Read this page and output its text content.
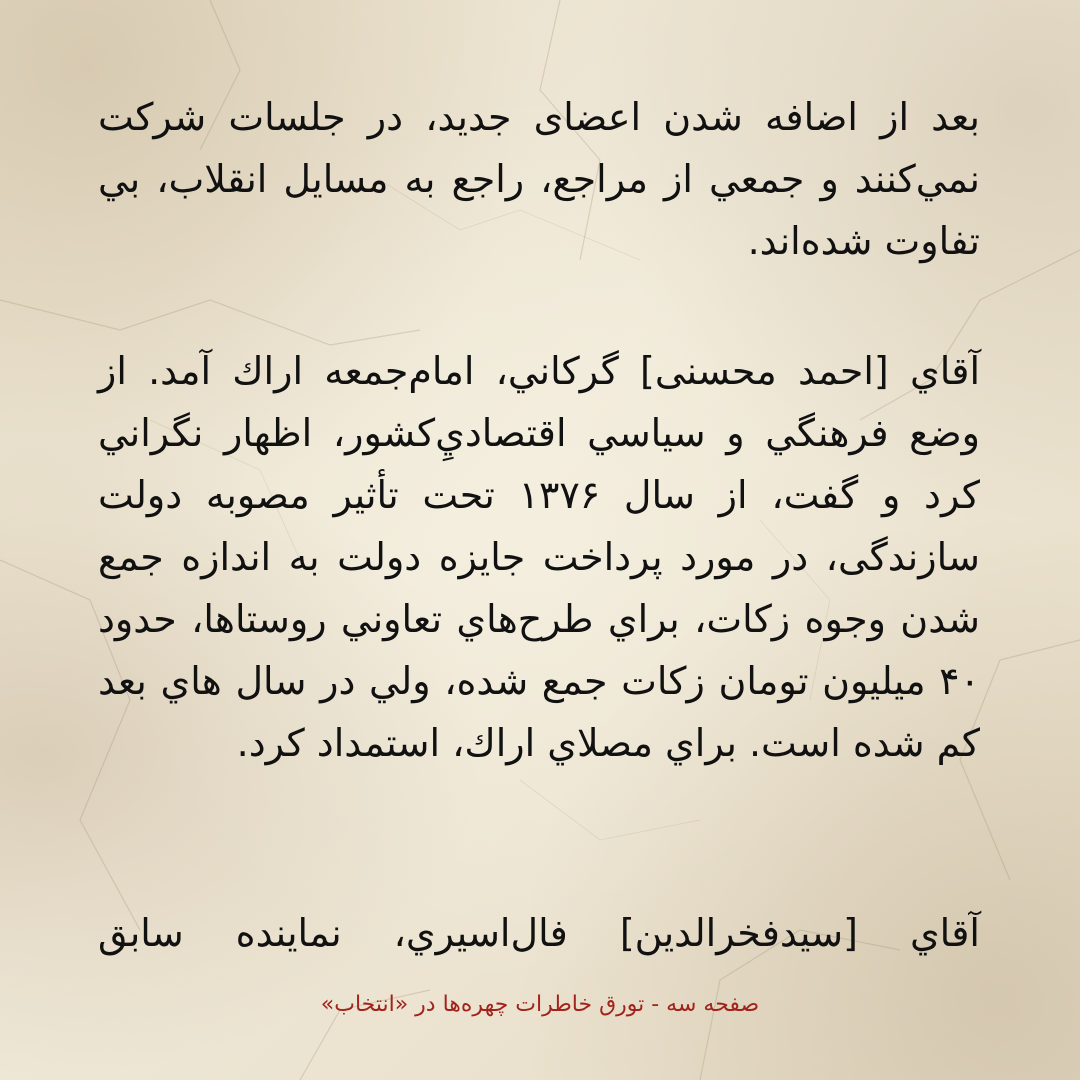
بعد از اضافه شدن اعضای جدید، در جلسات شرکت نمي‌کنند و جمعي از مراجع، راجع به مسايل انقلاب، بي تفاوت شده‌اند.

آقاي [احمد محسنی] گرکاني، امام‌جمعه اراك آمد. از وضع فرهنگي و سياسي اقتصاديِ‌کشور، اظهار نگراني کرد و گفت، از سال ۱۳۷۶ تحت تأثير مصوبه دولت سازندگی، در مورد پرداخت جايزه دولت به اندازه جمع شدن وجوه زکات، براي طرح‌هاي تعاوني روستاها، حدود ۴۰ ميليون تومان زکات جمع شده، ولي در سال هاي بعد کم شده است. براي مصلاي اراك، استمداد کرد.

آقاي [سيدفخرالدين] فال‌اسيري، نماينده سابق

صفحه سه - تورق خاطرات چهره‌ها در «انتخاب»
